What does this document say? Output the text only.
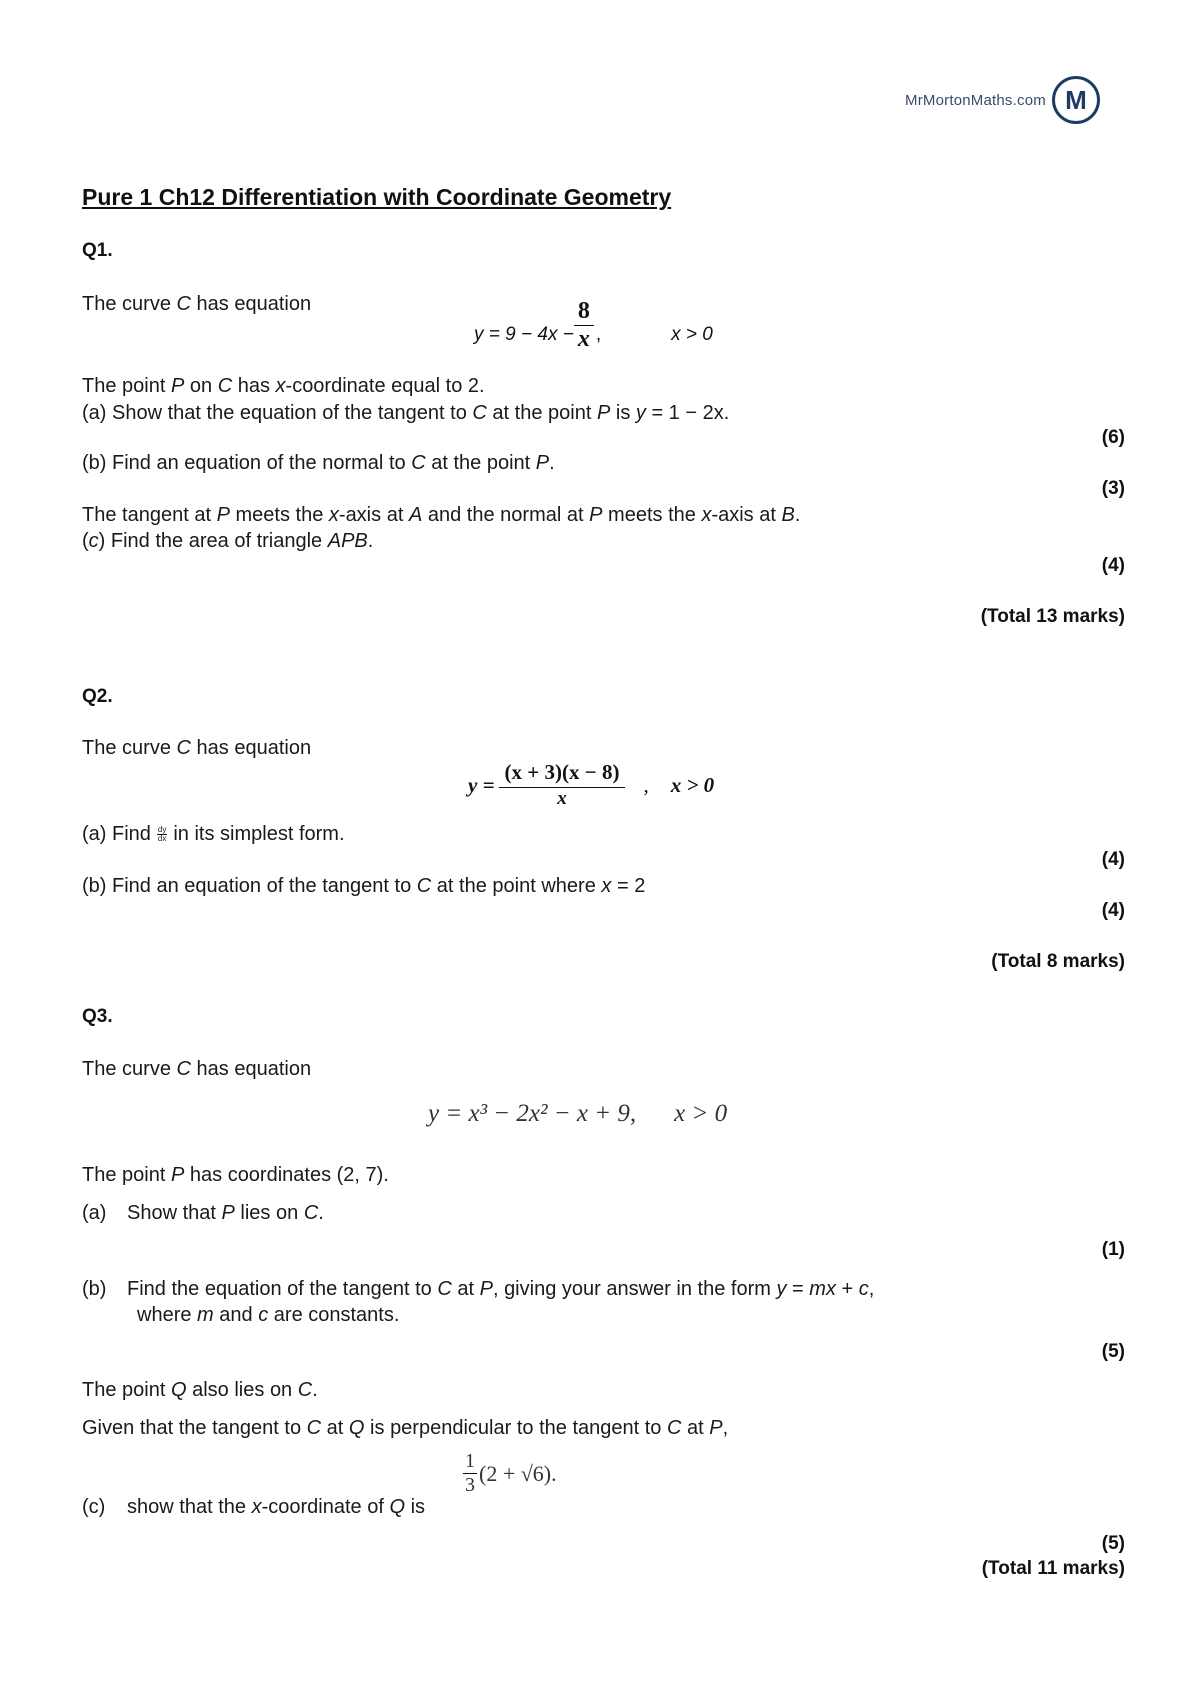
MrMortonMaths.com M
Pure 1 Ch12 Differentiation with Coordinate Geometry
Q1.
The curve C has equation
$y = 9 - 4x - \frac{8}{x}$ ,	x > 0
The point P on C has x-coordinate equal to 2.
(a) Show that the equation of the tangent to C at the point P is y = 1 − 2x.
(6)
(b) Find an equation of the normal to C at the point P.
(3)
The tangent at P meets the x-axis at A and the normal at P meets the x-axis at B.
(c) Find the area of triangle APB.
(4)
(Total 13 marks)
Q2.
The curve C has equation
$y = \frac{(x + 3)(x - 8)}{x}$ , x > 0
(a) Find $\frac{dy}{dx}$ in its simplest form.
(4)
(b) Find an equation of the tangent to C at the point where x = 2
(4)
(Total 8 marks)
Q3.
The curve C has equation
y = x³ − 2x² − x + 9, x > 0
The point P has coordinates (2, 7).
(a) Show that P lies on C.
(1)
(b) Find the equation of the tangent to C at P, giving your answer in the form y = mx + c,
where m and c are constants.
(5)
The point Q also lies on C.
Given that the tangent to C at Q is perpendicular to the tangent to C at P,
(c) show that the x-coordinate of Q is
$\frac{1}{3} (2 + √6)$.
(5)
(Total 11 marks)
